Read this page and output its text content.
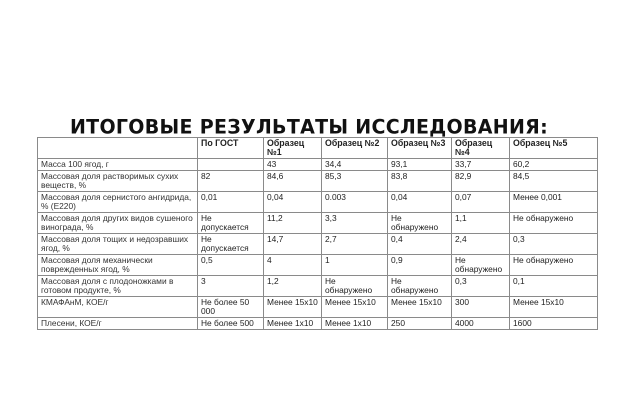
ИТОГОВЫЕ РЕЗУЛЬТАТЫ ИССЛЕДОВАНИЯ:
	По ГОСТ	Образец №1	Образец №2	Образец №3	Образец №4	Образец №5
Масса 100 ягод, г		43	34,4	93,1	33,7	60,2
Массовая доля растворимых сухих веществ, %	82	84,6	85,3	83,8	82,9	84,5
Массовая доля сернистого ангидрида, % (E220)	0,01	0,04	0.003	0,04	0,07	Менее 0,001
Массовая доля других видов сушеного винограда, %	Не допускается	11,2	3,3	Не обнаружено	1,1	Не обнаружено
Массовая доля тощих и недозравших ягод, %	Не допускается	14,7	2,7	0,4	2,4	0,3
Массовая доля механически поврежденных ягод, %	0,5	4	1	0,9	Не обнаружено	Не обнаружено
Массовая доля с плодоножками в готовом продукте, %	3	1,2	Не обнаружено	Не обнаружено	0,3	0,1
КМАФАнМ, КОЕ/г	Не более 50 000	Менее 15х10	Менее 15х10	Менее 15х10	300	Менее 15х10
Плесени, КОЕ/г	Не более 500	Менее 1х10	Менее 1х10	250	4000	1600
